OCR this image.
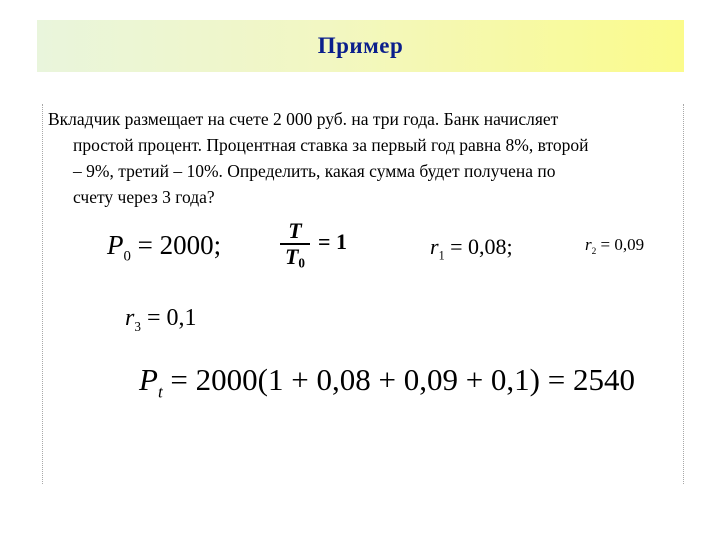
Пример
Вкладчик размещает на счете 2 000 руб. на три года. Банк начисляет
простой процент. Процентная ставка за первый год равна 8%, второй
– 9%, третий – 10%. Определить, какая сумма будет получена по
счету через 3 года?
$P_0 = 2000$;	$\frac{T}{T_0} = 1$	$r_1 = 0,08$;	$r_2 = 0,09$
$r_3 = 0,1$
$P_t = 2000(1 + 0,08 + 0,09 + 0,1) = 2540$
